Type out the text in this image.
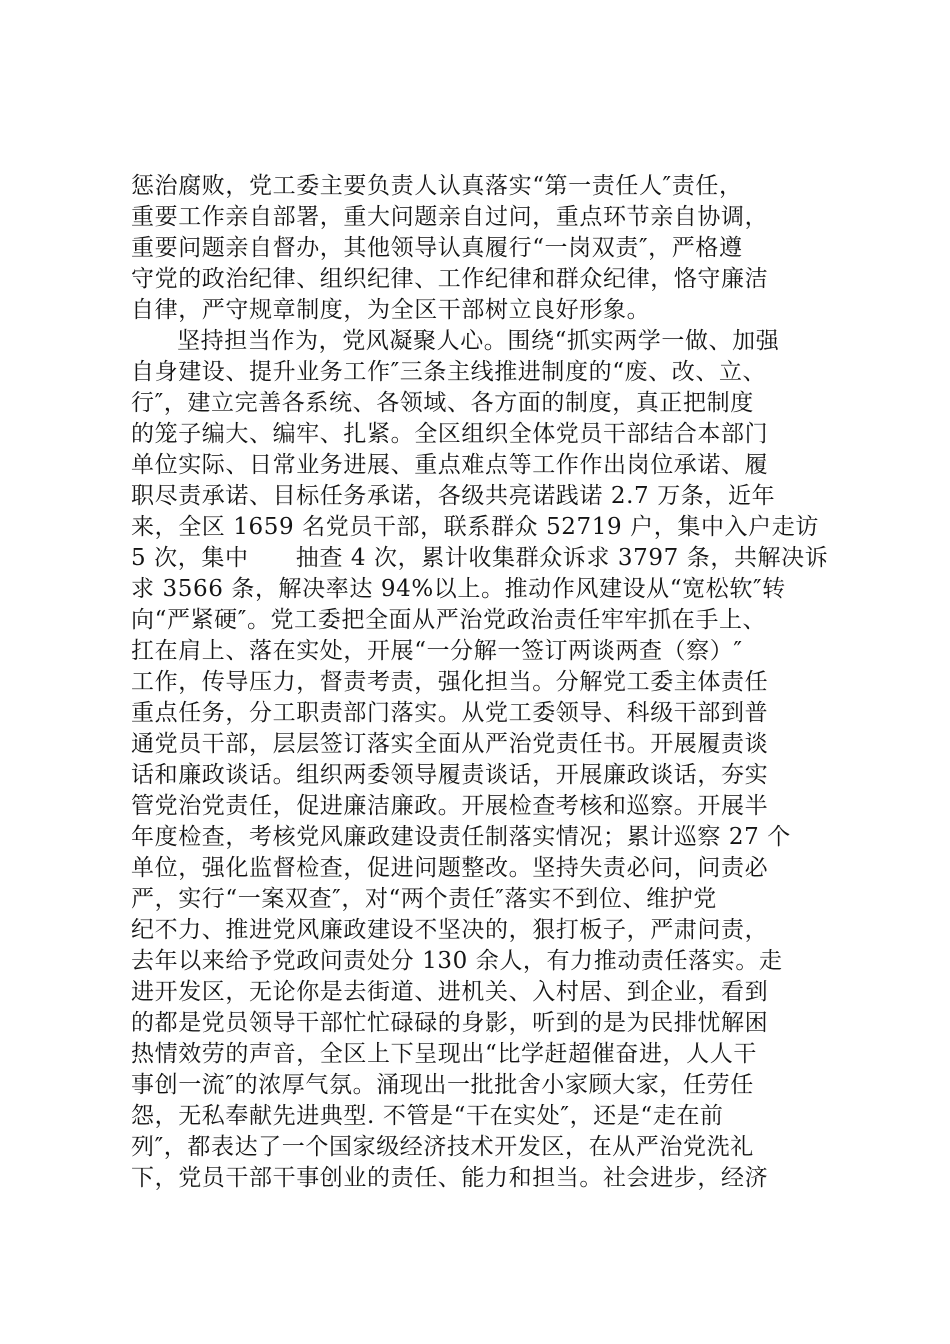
惩治腐败，党工委主要负责人认真落实“第一责任人″责任，
重要工作亲自部署，重大问题亲自过问，重点环节亲自协调，
重要问题亲自督办，其他领导认真履行“一岗双责″，严格遵
守党的政治纪律、组织纪律、工作纪律和群众纪律，恪守廉洁
自律，严守规章制度，为全区干部树立良好形象。
坚持担当作为，党风凝聚人心。围绕“抓实两学一做、加强
自身建设、提升业务工作″三条主线推进制度的“废、改、立、
行″，建立完善各系统、各领域、各方面的制度，真正把制度
的笼子编大、编牢、扎紧。全区组织全体党员干部结合本部门
单位实际、日常业务进展、重点难点等工作作出岗位承诺、履
职尽责承诺、目标任务承诺，各级共亮诺践诺 2.7 万条，近年
来，全区 1659 名党员干部，联系群众 52719 户，集中入户走访
5 次，集中　　抽查 4 次，累计收集群众诉求 3797 条，共解决诉
求 3566 条，解决率达 94%以上。推动作风建设从“宽松软″转
向“严紧硬″。党工委把全面从严治党政治责任牢牢抓在手上、
扛在肩上、落在实处，开展“一分解一签订两谈两查（察）″
工作，传导压力，督责考责，强化担当。分解党工委主体责任
重点任务，分工职责部门落实。从党工委领导、科级干部到普
通党员干部，层层签订落实全面从严治党责任书。开展履责谈
话和廉政谈话。组织两委领导履责谈话，开展廉政谈话，夯实
管党治党责任，促进廉洁廉政。开展检查考核和巡察。开展半
年度检查，考核党风廉政建设责任制落实情况；累计巡察 27 个
单位，强化监督检查，促进问题整改。坚持失责必问，问责必
严，实行“一案双查″，对“两个责任″落实不到位、维护党
纪不力、推进党风廉政建设不坚决的，狠打板子，严肃问责，
去年以来给予党政问责处分 130 余人，有力推动责任落实。走
进开发区，无论你是去街道、进机关、入村居、到企业，看到
的都是党员领导干部忙忙碌碌的身影，听到的是为民排忧解困
热情效劳的声音，全区上下呈现出“比学赶超催奋进，人人干
事创一流″的浓厚气氛。涌现出一批批舍小家顾大家，任劳任
怨，无私奉献先进典型. 不管是“干在实处″，还是“走在前
列″，都表达了一个国家级经济技术开发区，在从严治党洗礼
下，党员干部干事创业的责任、能力和担当。社会进步，经济
